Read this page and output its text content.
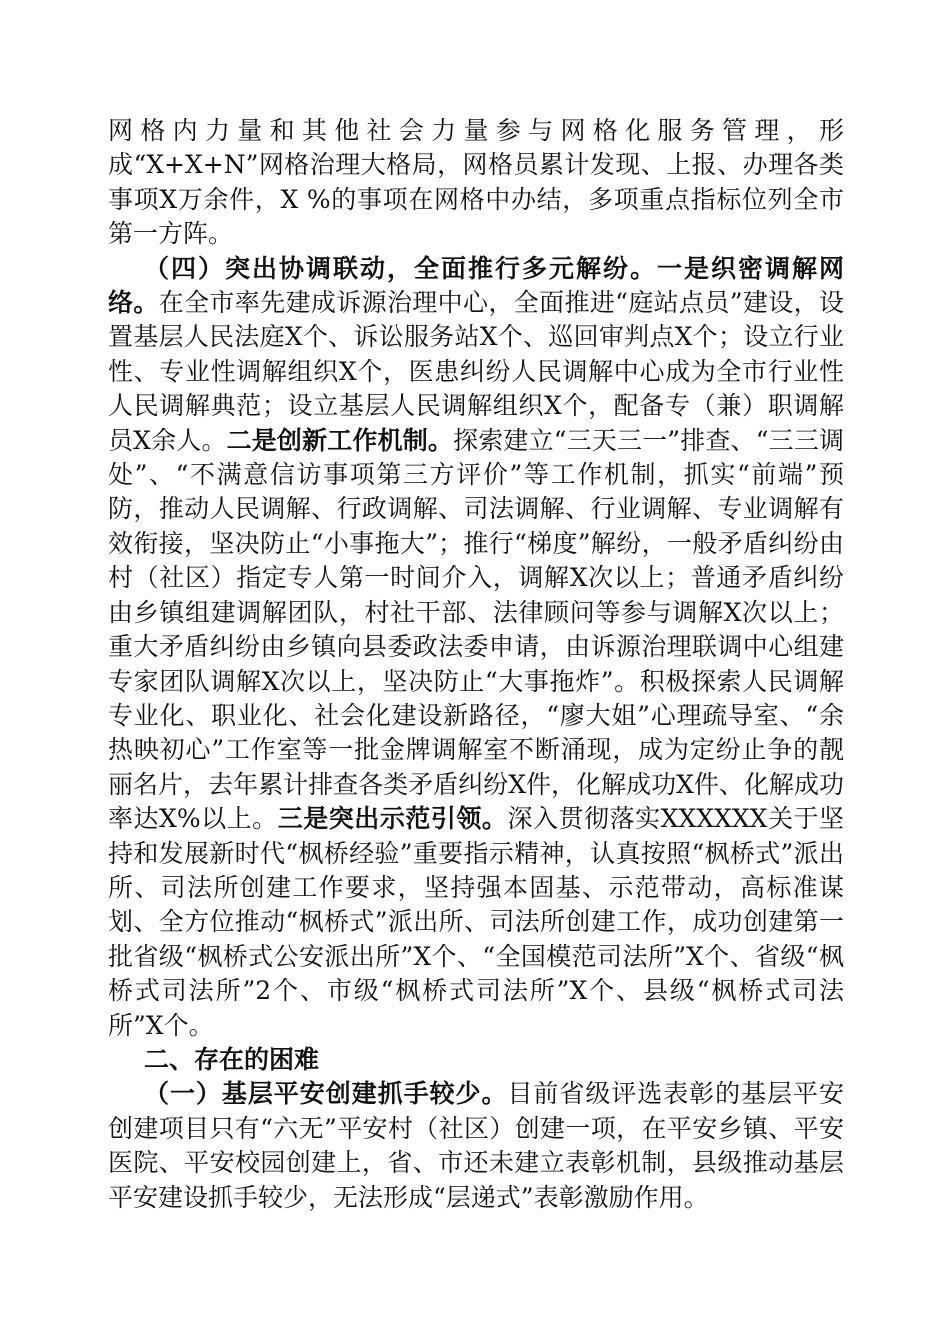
网格内力量和其他社会力量参与网格化服务管理，形成“X+X+N”网格治理大格局，网格员累计发现、上报、办理各类事项X万余件，X %的事项在网格中办结，多项重点指标位列全市第一方阵。

（四）突出协调联动，全面推行多元解纷。一是织密调解网络。在全市率先建成诉源治理中心，全面推进“庭站点员”建设，设置基层人民法庭X个、诉讼服务站X个、巡回审判点X个；设立行业性、专业性调解组织X个，医患纠纷人民调解中心成为全市行业性人民调解典范；设立基层人民调解组织X个，配备专（兼）职调解员X余人。二是创新工作机制。探索建立“三天三一”排查、“三三调处”、“不满意信访事项第三方评价”等工作机制，抓实“前端”预防，推动人民调解、行政调解、司法调解、行业调解、专业调解有效衔接，坚决防止“小事拖大”；推行“梯度”解纷，一般矛盾纠纷由村（社区）指定专人第一时间介入，调解X次以上；普通矛盾纠纷由乡镇组建调解团队，村社干部、法律顾问等参与调解X次以上；重大矛盾纠纷由乡镇向县委政法委申请，由诉源治理联调中心组建专家团队调解X次以上，坚决防止“大事拖炸”。积极探索人民调解专业化、职业化、社会化建设新路径，“廖大姐”心理疏导室、“余热映初心”工作室等一批金牌调解室不断涌现，成为定纷止争的靓丽名片，去年累计排查各类矛盾纠纷X件，化解成功X件、化解成功率达X%以上。三是突出示范引领。深入贯彻落实XXXXXX关于坚持和发展新时代“枫桥经验”重要指示精神，认真按照“枫桥式”派出所、司法所创建工作要求，坚持强本固基、示范带动，高标准谋划、全方位推动“枫桥式”派出所、司法所创建工作，成功创建第一批省级“枫桥式公安派出所”X个、“全国模范司法所”X个、省级“枫桥式司法所”2个、市级“枫桥式司法所”X个、县级“枫桥式司法所”X个。

二、存在的困难

（一）基层平安创建抓手较少。目前省级评选表彰的基层平安创建项目只有“六无”平安村（社区）创建一项，在平安乡镇、平安医院、平安校园创建上，省、市还未建立表彰机制，县级推动基层平安建设抓手较少，无法形成“层递式”表彰激励作用。
